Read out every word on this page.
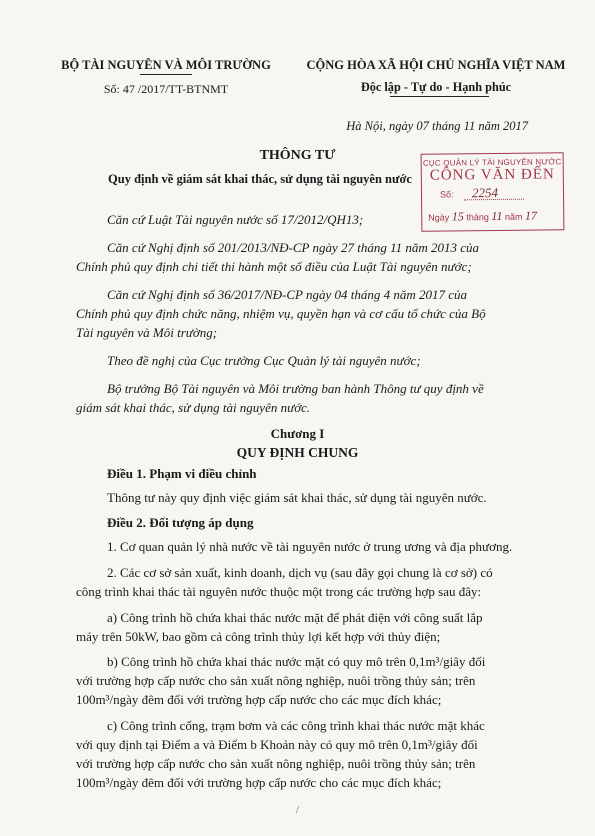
BỘ TÀI NGUYÊN VÀ MÔI TRƯỜNG
Số: 47 /2017/TT-BTNMT
CỘNG HÒA XÃ HỘI CHỦ NGHĨA VIỆT NAM
Độc lập - Tự do - Hạnh phúc
Hà Nội, ngày 07 tháng 11 năm 2017
THÔNG TƯ
Quy định về giám sát khai thác, sử dụng tài nguyên nước
CỤC QUẢN LÝ TÀI NGUYÊN NƯỚC
CÔNG VĂN ĐẾN
Số: 2254
Ngày 15 tháng 11 năm 17
Căn cứ Luật Tài nguyên nước số 17/2012/QH13;
Căn cứ Nghị định số 201/2013/NĐ-CP ngày 27 tháng 11 năm 2013 của
Chính phủ quy định chi tiết thi hành một số điều của Luật Tài nguyên nước;
Căn cứ Nghị định số 36/2017/NĐ-CP ngày 04 tháng 4 năm 2017 của
Chính phủ quy định chức năng, nhiệm vụ, quyền hạn và cơ cấu tổ chức của Bộ
Tài nguyên và Môi trường;
Theo đề nghị của Cục trưởng Cục Quản lý tài nguyên nước;
Bộ trưởng Bộ Tài nguyên và Môi trường ban hành Thông tư quy định về
giám sát khai thác, sử dụng tài nguyên nước.
Chương I
QUY ĐỊNH CHUNG
Điều 1. Phạm vi điều chỉnh
Thông tư này quy định việc giám sát khai thác, sử dụng tài nguyên nước.
Điều 2. Đối tượng áp dụng
1. Cơ quan quản lý nhà nước về tài nguyên nước ở trung ương và địa phương.
2. Các cơ sở sản xuất, kinh doanh, dịch vụ (sau đây gọi chung là cơ sở) có
công trình khai thác tài nguyên nước thuộc một trong các trường hợp sau đây:
a) Công trình hồ chứa khai thác nước mặt để phát điện với công suất lắp
máy trên 50kW, bao gồm cả công trình thủy lợi kết hợp với thủy điện;
b) Công trình hồ chứa khai thác nước mặt có quy mô trên 0,1m³/giây đối
với trường hợp cấp nước cho sản xuất nông nghiệp, nuôi trồng thủy sản; trên
100m³/ngày đêm đối với trường hợp cấp nước cho các mục đích khác;
c) Công trình cống, trạm bơm và các công trình khai thác nước mặt khác
với quy định tại Điểm a và Điểm b Khoản này có quy mô trên 0,1m³/giây đối
với trường hợp cấp nước cho sản xuất nông nghiệp, nuôi trồng thủy sản; trên
100m³/ngày đêm đối với trường hợp cấp nước cho các mục đích khác;
/
